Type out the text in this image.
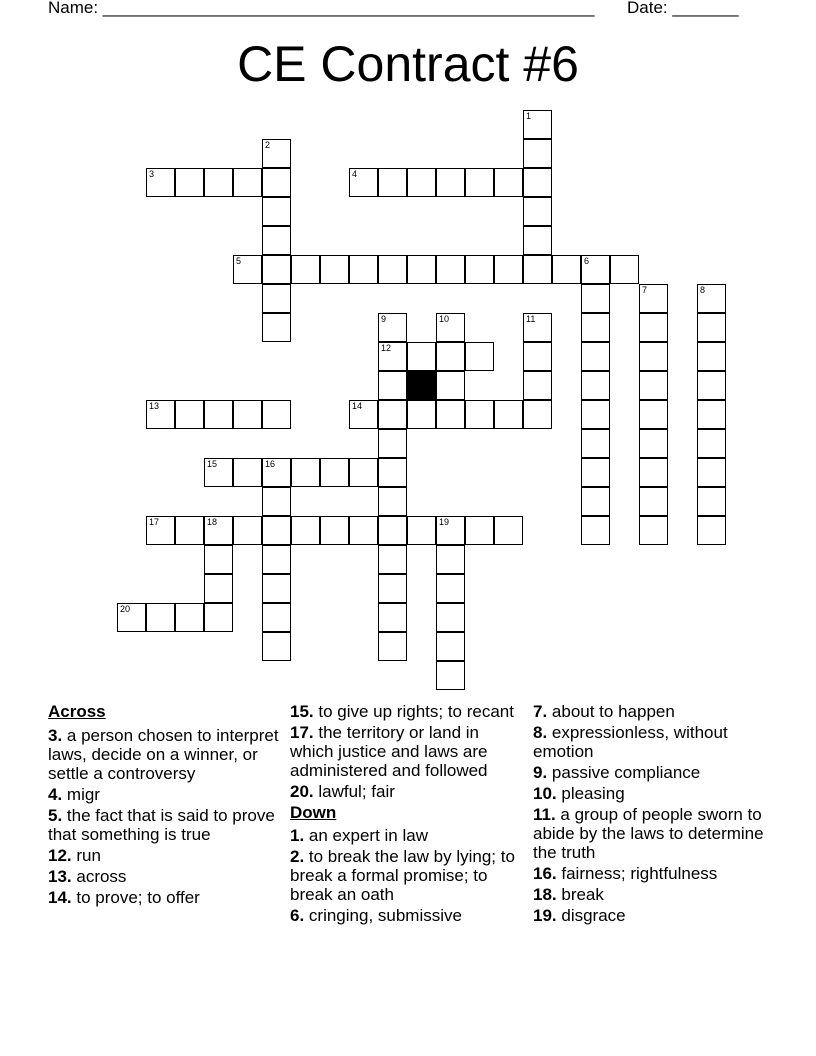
Name: ____________________________________________________ Date: _______
CE Contract #6
1
2
3	4
5	6
7	8
9
12
10	11
13	14
15	16
17	18	19
20
Across
3. a person chosen to interpret laws, decide on a winner, or settle a controversy
4. migr
5. the fact that is said to prove that something is true
12. run
13. across
14. to prove; to offer
15. to give up rights; to recant
17. the territory or land in which justice and laws are administered and followed
20. lawful; fair
Down
1. an expert in law
2. to break the law by lying; to break a formal promise; to break an oath
6. cringing, submissive
7. about to happen
8. expressionless, without emotion
9. passive compliance
10. pleasing
11. a group of people sworn to abide by the laws to determine the truth
16. fairness; rightfulness
18. break
19. disgrace
